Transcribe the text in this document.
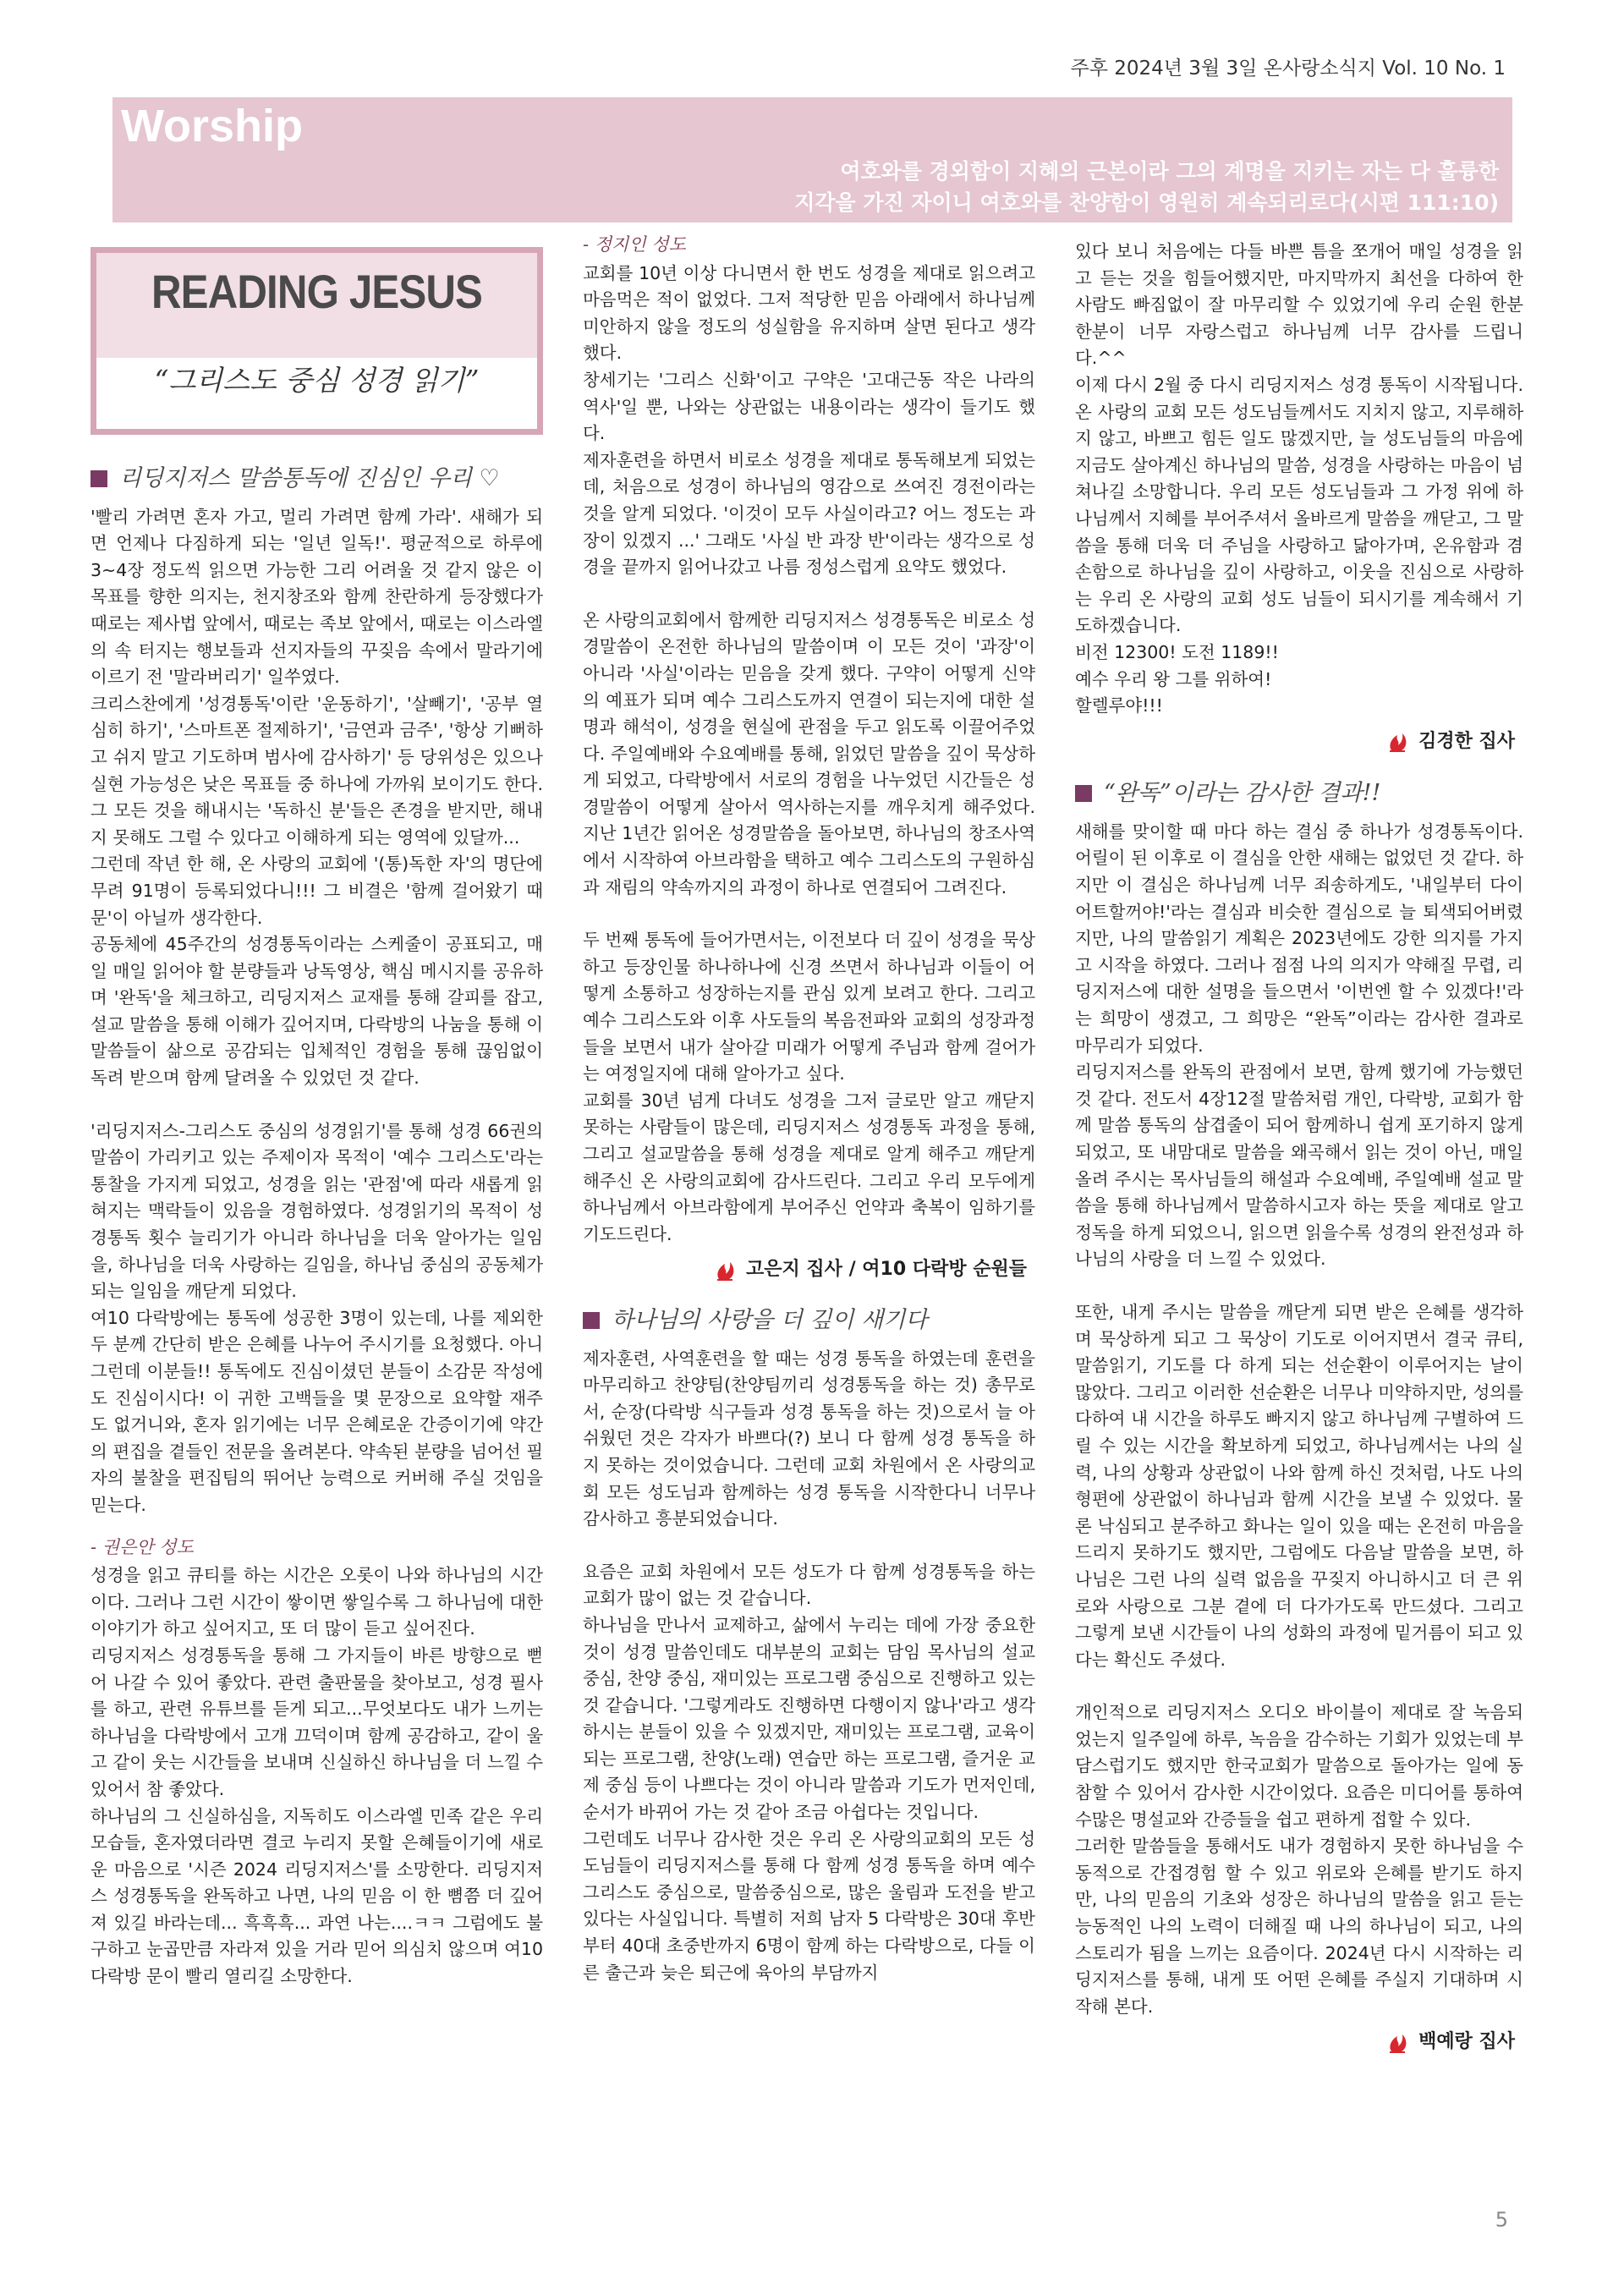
주후 2024년 3월 3일 온사랑소식지 Vol. 10 No. 1
Worship
여호와를 경외함이 지혜의 근본이라 그의 계명을 지키는 자는 다 훌륭한
지각을 가진 자이니 여호와를 찬양함이 영원히 계속되리로다(시편 111:10)
READING JESUS
“그리스도 중심 성경 읽기”
리딩지저스 말씀통독에 진심인 우리 ♡

'빨리 가려면 혼자 가고, 멀리 가려면 함께 가라'. 새해가 되면 언제나 다짐하게 되는 '일년 일독!'. 평균적으로 하루에 3~4장 정도씩 읽으면 가능한 그리 어려울 것 같지 않은 이 목표를 향한 의지는, 천지창조와 함께 찬란하게 등장했다가 때로는 제사법 앞에서, 때로는 족보 앞에서, 때로는 이스라엘의 속 터지는 행보들과 선지자들의 꾸짖음 속에서 말라기에 이르기 전 '말라버리기' 일쑤였다.

크리스찬에게 '성경통독'이란 '운동하기', '살빼기', '공부 열심히 하기', '스마트폰 절제하기', '금연과 금주', '항상 기뻐하고 쉬지 말고 기도하며 범사에 감사하기' 등 당위성은 있으나 실현 가능성은 낮은 목표들 중 하나에 가까워 보이기도 한다. 그 모든 것을 해내시는 '독하신 분'들은 존경을 받지만, 해내지 못해도 그럴 수 있다고 이해하게 되는 영역에 있달까...

그런데 작년 한 해, 온 사랑의 교회에 '(통)독한 자'의 명단에 무려 91명이 등록되었다니!!! 그 비결은 '함께 걸어왔기 때문'이 아닐까 생각한다.

공동체에 45주간의 성경통독이라는 스케줄이 공표되고, 매일 매일 읽어야 할 분량들과 낭독영상, 핵심 메시지를 공유하며 '완독'을 체크하고, 리딩지저스 교재를 통해 갈피를 잡고, 설교 말씀을 통해 이해가 깊어지며, 다락방의 나눔을 통해 이 말씀들이 삶으로 공감되는 입체적인 경험을 통해 끊임없이 독려 받으며 함께 달려올 수 있었던 것 같다.

'리딩지저스-그리스도 중심의 성경읽기'를 통해 성경 66권의 말씀이 가리키고 있는 주제이자 목적이 '예수 그리스도'라는 통찰을 가지게 되었고, 성경을 읽는 '관점'에 따라 새롭게 읽혀지는 맥락들이 있음을 경험하였다. 성경읽기의 목적이 성경통독 횟수 늘리기가 아니라 하나님을 더욱 알아가는 일임을, 하나님을 더욱 사랑하는 길임을, 하나님 중심의 공동체가 되는 일임을 깨닫게 되었다.

여10 다락방에는 통독에 성공한 3명이 있는데, 나를 제외한 두 분께 간단히 받은 은혜를 나누어 주시기를 요청했다. 아니 그런데 이분들!! 통독에도 진심이셨던 분들이 소감문 작성에도 진심이시다! 이 귀한 고백들을 몇 문장으로 요약할 재주도 없거니와, 혼자 읽기에는 너무 은혜로운 간증이기에 약간의 편집을 곁들인 전문을 올려본다. 약속된 분량을 넘어선 필자의 불찰을 편집팀의 뛰어난 능력으로 커버해 주실 것임을 믿는다.

- 권은안 성도

성경을 읽고 큐티를 하는 시간은 오롯이 나와 하나님의 시간이다. 그러나 그런 시간이 쌓이면 쌓일수록 그 하나님에 대한 이야기가 하고 싶어지고, 또 더 많이 듣고 싶어진다.

리딩지저스 성경통독을 통해 그 가지들이 바른 방향으로 뻗어 나갈 수 있어 좋았다. 관련 출판물을 찾아보고, 성경 필사를 하고, 관련 유튜브를 듣게 되고...무엇보다도 내가 느끼는 하나님을 다락방에서 고개 끄덕이며 함께 공감하고, 같이 울고 같이 웃는 시간들을 보내며 신실하신 하나님을 더 느낄 수 있어서 참 좋았다.

하나님의 그 신실하심을, 지독히도 이스라엘 민족 같은 우리 모습들, 혼자였더라면 결코 누리지 못할 은혜들이기에 새로운 마음으로 '시즌 2024 리딩지저스'를 소망한다. 리딩지저스 성경통독을 완독하고 나면, 나의 믿음 이 한 뼘쯤 더 깊어져 있길 바라는데... 흑흑흑... 과연 나는....ㅋㅋ 그럼에도 불구하고 눈곱만큼 자라져 있을 거라 믿어 의심치 않으며 여10 다락방 문이 빨리 열리길 소망한다.

- 정지인 성도

교회를 10년 이상 다니면서 한 번도 성경을 제대로 읽으려고 마음먹은 적이 없었다. 그저 적당한 믿음 아래에서 하나님께 미안하지 않을 정도의 성실함을 유지하며 살면 된다고 생각했다.

창세기는 '그리스 신화'이고 구약은 '고대근동 작은 나라의 역사'일 뿐, 나와는 상관없는 내용이라는 생각이 들기도 했다.

제자훈련을 하면서 비로소 성경을 제대로 통독해보게 되었는데, 처음으로 성경이 하나님의 영감으로 쓰여진 경전이라는 것을 알게 되었다. '이것이 모두 사실이라고? 어느 정도는 과장이 있겠지 ...' 그래도 '사실 반 과장 반'이라는 생각으로 성경을 끝까지 읽어나갔고 나름 정성스럽게 요약도 했었다.

온 사랑의교회에서 함께한 리딩지저스 성경통독은 비로소 성경말씀이 온전한 하나님의 말씀이며 이 모든 것이 '과장'이 아니라 '사실'이라는 믿음을 갖게 했다. 구약이 어떻게 신약의 예표가 되며 예수 그리스도까지 연결이 되는지에 대한 설명과 해석이, 성경을 현실에 관점을 두고 읽도록 이끌어주었다. 주일예배와 수요예배를 통해, 읽었던 말씀을 깊이 묵상하게 되었고, 다락방에서 서로의 경험을 나누었던 시간들은 성경말씀이 어떻게 살아서 역사하는지를 깨우치게 해주었다. 지난 1년간 읽어온 성경말씀을 돌아보면, 하나님의 창조사역에서 시작하여 아브라함을 택하고 예수 그리스도의 구원하심과 재림의 약속까지의 과정이 하나로 연결되어 그려진다.

두 번째 통독에 들어가면서는, 이전보다 더 깊이 성경을 묵상하고 등장인물 하나하나에 신경 쓰면서 하나님과 이들이 어떻게 소통하고 성장하는지를 관심 있게 보려고 한다. 그리고 예수 그리스도와 이후 사도들의 복음전파와 교회의 성장과정들을 보면서 내가 살아갈 미래가 어떻게 주님과 함께 걸어가는 여정일지에 대해 알아가고 싶다.

교회를 30년 넘게 다녀도 성경을 그저 글로만 알고 깨닫지 못하는 사람들이 많은데, 리딩지저스 성경통독 과정을 통해, 그리고 설교말씀을 통해 성경을 제대로 알게 해주고 깨닫게 해주신 온 사랑의교회에 감사드린다. 그리고 우리 모두에게 하나님께서 아브라함에게 부어주신 언약과 축복이 임하기를 기도드린다.

고은지 집사 / 여10 다락방 순원들
하나님의 사랑을 더 깊이 새기다

제자훈련, 사역훈련을 할 때는 성경 통독을 하였는데 훈련을 마무리하고 찬양팀(찬양팀끼리 성경통독을 하는 것) 총무로서, 순장(다락방 식구들과 성경 통독을 하는 것)으로서 늘 아쉬웠던 것은 각자가 바쁘다(?) 보니 다 함께 성경 통독을 하지 못하는 것이었습니다. 그런데 교회 차원에서 온 사랑의교회 모든 성도님과 함께하는 성경 통독을 시작한다니 너무나 감사하고 흥분되었습니다.

요즘은 교회 차원에서 모든 성도가 다 함께 성경통독을 하는 교회가 많이 없는 것 같습니다.

하나님을 만나서 교제하고, 삶에서 누리는 데에 가장 중요한 것이 성경 말씀인데도 대부분의 교회는 담임 목사님의 설교 중심, 찬양 중심, 재미있는 프로그램 중심으로 진행하고 있는 것 같습니다. '그렇게라도 진행하면 다행이지 않나'라고 생각하시는 분들이 있을 수 있겠지만, 재미있는 프로그램, 교육이 되는 프로그램, 찬양(노래) 연습만 하는 프로그램, 즐거운 교제 중심 등이 나쁘다는 것이 아니라 말씀과 기도가 먼저인데, 순서가 바뀌어 가는 것 같아 조금 아쉽다는 것입니다.

그런데도 너무나 감사한 것은 우리 온 사랑의교회의 모든 성도님들이 리딩지저스를 통해 다 함께 성경 통독을 하며 예수 그리스도 중심으로, 말씀중심으로, 많은 울림과 도전을 받고 있다는 사실입니다. 특별히 저희 남자 5 다락방은 30대 후반부터 40대 초중반까지 6명이 함께 하는 다락방으로, 다들 이른 출근과 늦은 퇴근에 육아의 부담까지

있다 보니 처음에는 다들 바쁜 틈을 쪼개어 매일 성경을 읽고 듣는 것을 힘들어했지만, 마지막까지 최선을 다하여 한 사람도 빠짐없이 잘 마무리할 수 있었기에 우리 순원 한분 한분이 너무 자랑스럽고 하나님께 너무 감사를 드립니다.^^

이제 다시 2월 중 다시 리딩지저스 성경 통독이 시작됩니다. 온 사랑의 교회 모든 성도님들께서도 지치지 않고, 지루해하지 않고, 바쁘고 힘든 일도 많겠지만, 늘 성도님들의 마음에 지금도 살아계신 하나님의 말씀, 성경을 사랑하는 마음이 넘쳐나길 소망합니다. 우리 모든 성도님들과 그 가정 위에 하나님께서 지혜를 부어주셔서 올바르게 말씀을 깨닫고, 그 말씀을 통해 더욱 더 주님을 사랑하고 닮아가며, 온유함과 겸손함으로 하나님을 깊이 사랑하고, 이웃을 진심으로 사랑하는 우리 온 사랑의 교회 성도 님들이 되시기를 계속해서 기도하겠습니다.

비전 12300! 도전 1189!!

예수 우리 왕 그를 위하여!

할렐루야!!!

김경한 집사
“완독”이라는 감사한 결과!!

새해를 맞이할 때 마다 하는 결심 중 하나가 성경통독이다. 어릴이 된 이후로 이 결심을 안한 새해는 없었던 것 같다. 하지만 이 결심은 하나님께 너무 죄송하게도, '내일부터 다이어트할꺼야!'라는 결심과 비슷한 결심으로 늘 퇴색되어버렸지만, 나의 말씀읽기 계획은 2023년에도 강한 의지를 가지고 시작을 하였다. 그러나 점점 나의 의지가 약해질 무렵, 리딩지저스에 대한 설명을 들으면서 '이번엔 할 수 있겠다!'라는 희망이 생겼고, 그 희망은 “완독”이라는 감사한 결과로 마무리가 되었다.

리딩지저스를 완독의 관점에서 보면, 함께 했기에 가능했던 것 같다. 전도서 4장12절 말씀처럼 개인, 다락방, 교회가 함께 말씀 통독의 삼겹줄이 되어 함께하니 쉽게 포기하지 않게 되었고, 또 내맘대로 말씀을 왜곡해서 읽는 것이 아닌, 매일 올려 주시는 목사님들의 해설과 수요예배, 주일예배 설교 말씀을 통해 하나님께서 말씀하시고자 하는 뜻을 제대로 알고 정독을 하게 되었으니, 읽으면 읽을수록 성경의 완전성과 하나님의 사랑을 더 느낄 수 있었다.

또한, 내게 주시는 말씀을 깨닫게 되면 받은 은혜를 생각하며 묵상하게 되고 그 묵상이 기도로 이어지면서 결국 큐티, 말씀읽기, 기도를 다 하게 되는 선순환이 이루어지는 날이 많았다. 그리고 이러한 선순환은 너무나 미약하지만, 성의를 다하여 내 시간을 하루도 빠지지 않고 하나님께 구별하여 드릴 수 있는 시간을 확보하게 되었고, 하나님께서는 나의 실력, 나의 상황과 상관없이 나와 함께 하신 것처럼, 나도 나의 형편에 상관없이 하나님과 함께 시간을 보낼 수 있었다. 물론 낙심되고 분주하고 화나는 일이 있을 때는 온전히 마음을 드리지 못하기도 했지만, 그럼에도 다음날 말씀을 보면, 하나님은 그런 나의 실력 없음을 꾸짖지 아니하시고 더 큰 위로와 사랑으로 그분 곁에 더 다가가도록 만드셨다. 그리고 그렇게 보낸 시간들이 나의 성화의 과정에 밑거름이 되고 있다는 확신도 주셨다.

개인적으로 리딩지저스 오디오 바이블이 제대로 잘 녹음되었는지 일주일에 하루, 녹음을 감수하는 기회가 있었는데 부담스럽기도 했지만 한국교회가 말씀으로 돌아가는 일에 동참할 수 있어서 감사한 시간이었다. 요즘은 미디어를 통하여 수많은 명설교와 간증들을 쉽고 편하게 접할 수 있다.

그러한 말씀들을 통해서도 내가 경험하지 못한 하나님을 수동적으로 간접경험 할 수 있고 위로와 은혜를 받기도 하지만, 나의 믿음의 기초와 성장은 하나님의 말씀을 읽고 듣는 능동적인 나의 노력이 더해질 때 나의 하나님이 되고, 나의 스토리가 됨을 느끼는 요즘이다. 2024년 다시 시작하는 리딩지저스를 통해, 내게 또 어떤 은혜를 주실지 기대하며 시작해 본다.

백예랑 집사
5
